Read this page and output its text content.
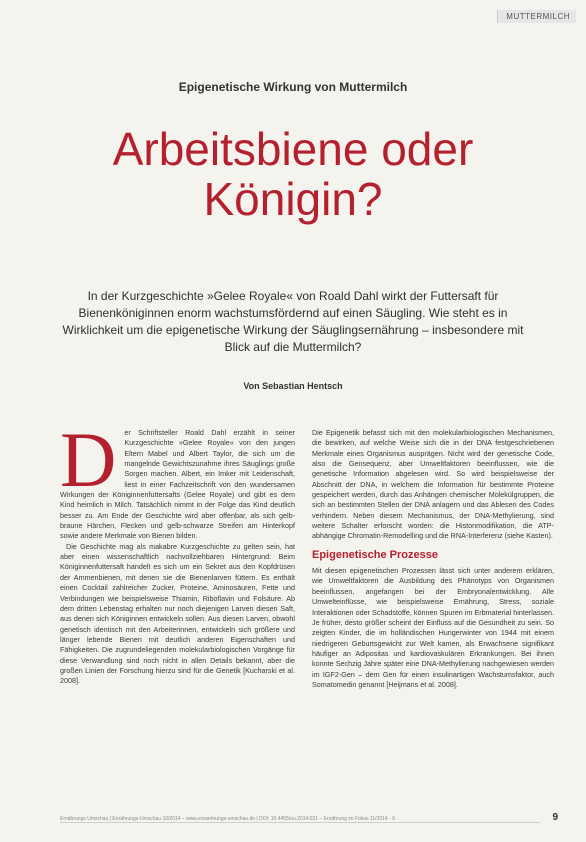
MUTTERMILCH
Epigenetische Wirkung von Muttermilch
Arbeitsbiene oder
Königin?
In der Kurzgeschichte »Gelee Royale« von Roald Dahl wirkt der Futtersaft für Bienenköniginnen enorm wachstumsfördernd auf einen Säugling. Wie steht es in Wirklichkeit um die epigenetische Wirkung der Säuglingsernährung – insbesondere mit Blick auf die Muttermilch?
Von Sebastian Hentsch

D er Schriftsteller Roald Dahl erzählt in seiner Kurzgeschichte »Gelee Royale« von den jungen Eltern Mabel und Albert Taylor, die sich um die mangelnde Gewichtszunahme ihres Säuglings große Sorgen machen. Albert, ein Imker mit Leidenschaft, liest in einer Fachzeitschrift von den wundersamen Wirkungen der Königinnenfuttersafts (Gelee Royale) und gibt es dem Kind heimlich in Milch. Tatsächlich nimmt in der Folge das Kind deutlich besser zu. Am Ende der Geschichte wird aber offenbar, als sich gelb-braune Härchen, Flecken und gelb-schwarze Streifen am Hinterkopf sowie andere Merkmale von Bienen bilden.

Die Geschichte mag als makabre Kurzgeschichte zu gelten sein, hat aber einen wissenschaftlich nachvollziehbaren Hintergrund: Beim Königinnenfuttersaft handelt es sich um ein Sekret aus den Kopfdrüsen der Ammenbienen, mit denen sie die Bienenlarven füttern. Es enthält einen Cocktail zahlreicher Zucker, Proteine, Aminosäuren, Fette und Verbindungen wie beispielsweise Thiamin, Riboflavin und Folsäure. Ab dem dritten Lebenstag erhalten nur noch diejenigen Larven diesen Saft, aus denen sich Königinnen entwickeln sollen. Aus diesen Larven, obwohl genetisch identisch mit den Arbeiterinnen, entwickeln sich größere und länger lebende Bienen mit deutlich anderen Eigenschaften und Fähigkeiten. Die zugrundeliegenden molekularbiologischen Vorgänge für diese Verwandlung sind noch nicht in allen Details bekannt, aber die großen Linien der Forschung hierzu sind für die Genetik [Kucharski et al. 2008].

Die Epigenetik befasst sich mit den molekularbiologischen Mechanismen, die bewirken, auf welche Weise sich die in der DNA festgeschriebenen Merkmale eines Organismus ausprägen. Nicht wird der genetische Code, also die Gensequenz, aber Umweltfaktoren beeinflussen, wie die genetische Information abgelesen wird. So wird beispielsweise der Abschnitt der DNA, in welchem die Information für bestimmte Proteine gespeichert werden, durch das Anhängen chemischer Molekülgruppen, die sich an bestimmten Stellen der DNA anlagern und das Ablesen des Codes verhindern. Neben diesem Mechanismus, der DNA-Methylierung, sind weitere Schalter erforscht worden: die Histonmodifikation, die ATP-abhängige Chromatin-Remodelling und die RNA-Interferenz (siehe Kasten).

Epigenetische Prozesse

Mit diesen epigenetischen Prozessen lässt sich unter anderem erklären, wie Umweltfaktoren die Ausbildung des Phänotyps von Organismen beeinflussen, angefangen bei der Embryonalentwicklung. Alle Umwelteinflüsse, wie beispielsweise Ernährung, Stress, soziale Interaktionen oder Schadstoffe, können Spuren im Erbmaterial hinterlassen. Je früher, desto größer scheint der Einfluss auf die Gesundheit zu sein. So zeigten Kinder, die im holländischen Hungerwinter von 1944 mit einem niedrigeren Geburtsgewicht zur Welt kamen, als Erwachsene signifikant häufiger an Adipositas und kardiovaskulären Erkrankungen. Bei ihnen konnte Sechzig Jahre später eine DNA-Methylierung nachgewiesen werden im IGF2-Gen – dem Gen für einen insulinartigen Wachstumsfaktor, auch Somatomedin genannt [Heijmans et al. 2008].

Ernährungs Umschau | Ernährungs-Umschau 10/2014 – www.ernaehrungs-umschau.de | DOI: 10.4455/eu.2014.021 – Ernährung im Fokus 11/2014 · 9 ·	9
